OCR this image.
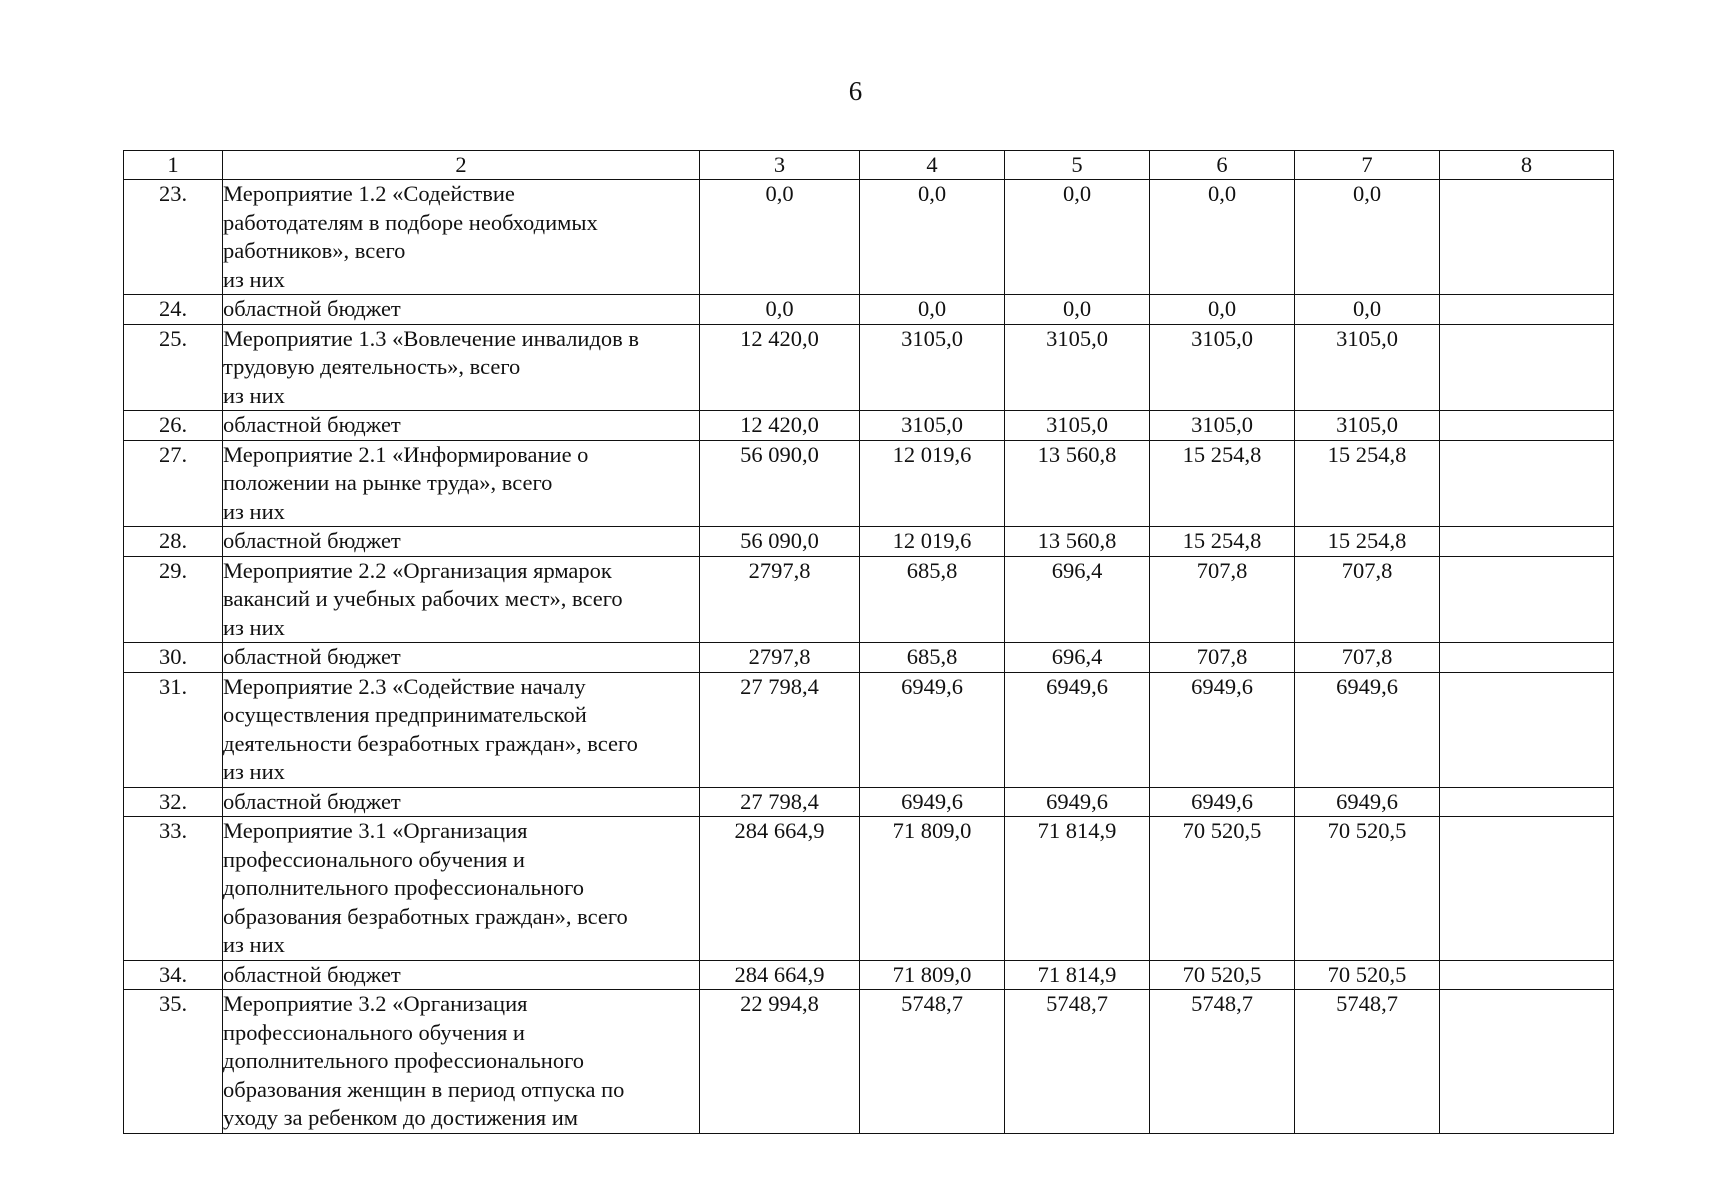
6
1	2	3	4	5	6	7	8
23.	Мероприятие 1.2 «Содействие
работодателям в подборе необходимых
работников», всего
из них	0,0	0,0	0,0	0,0	0,0	
24.	областной бюджет	0,0	0,0	0,0	0,0	0,0	
25.	Мероприятие 1.3 «Вовлечение инвалидов в
трудовую деятельность», всего
из них	12 420,0	3105,0	3105,0	3105,0	3105,0	
26.	областной бюджет	12 420,0	3105,0	3105,0	3105,0	3105,0	
27.	Мероприятие 2.1 «Информирование о
положении на рынке труда», всего
из них	56 090,0	12 019,6	13 560,8	15 254,8	15 254,8	
28.	областной бюджет	56 090,0	12 019,6	13 560,8	15 254,8	15 254,8	
29.	Мероприятие 2.2 «Организация ярмарок
вакансий и учебных рабочих мест», всего
из них	2797,8	685,8	696,4	707,8	707,8	
30.	областной бюджет	2797,8	685,8	696,4	707,8	707,8	
31.	Мероприятие 2.3 «Содействие началу
осуществления предпринимательской
деятельности безработных граждан», всего
из них	27 798,4	6949,6	6949,6	6949,6	6949,6	
32.	областной бюджет	27 798,4	6949,6	6949,6	6949,6	6949,6	
33.	Мероприятие 3.1 «Организация
профессионального обучения и
дополнительного профессионального
образования безработных граждан», всего
из них	284 664,9	71 809,0	71 814,9	70 520,5	70 520,5	
34.	областной бюджет	284 664,9	71 809,0	71 814,9	70 520,5	70 520,5	
35.	Мероприятие 3.2 «Организация
профессионального обучения и
дополнительного профессионального
образования женщин в период отпуска по
уходу за ребенком до достижения им	22 994,8	5748,7	5748,7	5748,7	5748,7	
